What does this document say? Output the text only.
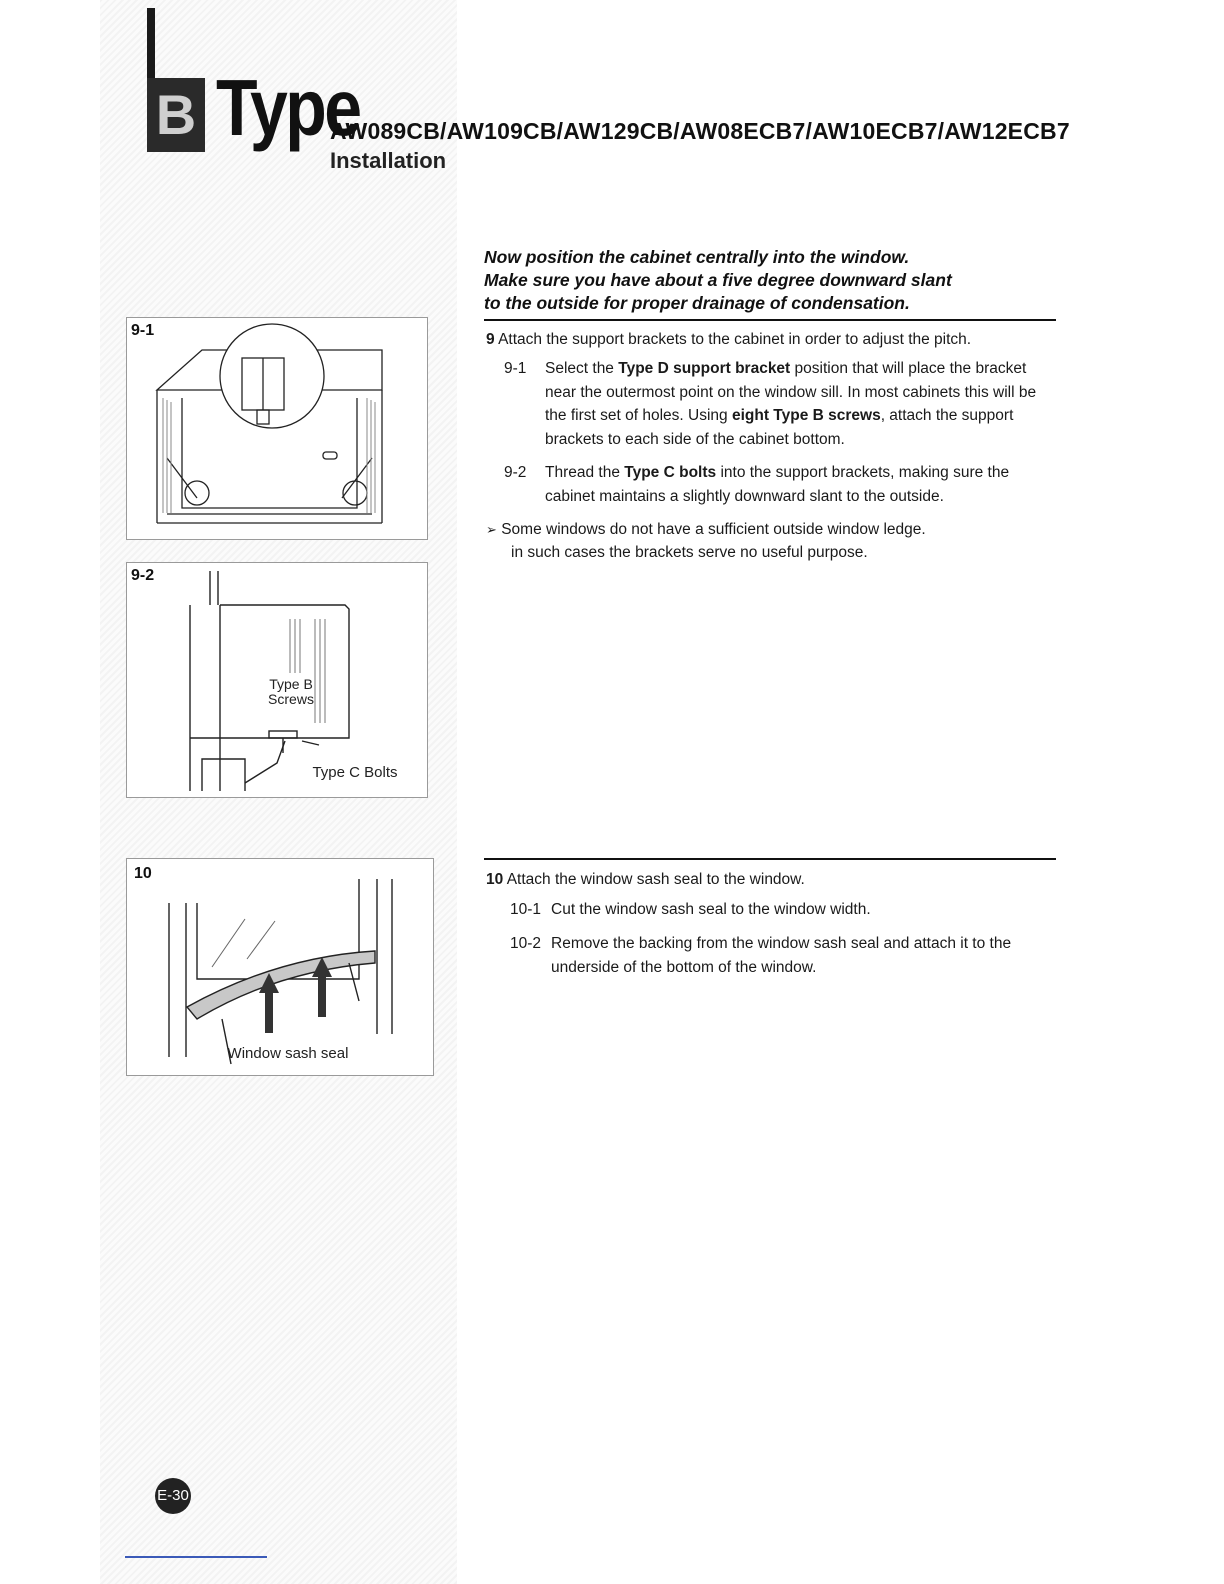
B Type
AW089CB/AW109CB/AW129CB/AW08ECB7/AW10ECB7/AW12ECB7
Installation
Now position the cabinet centrally into the window.
Make sure you have about a five degree downward slant
to the outside for proper drainage of condensation.
9 Attach the support brackets to the cabinet in order to adjust the pitch.
9-1 Select the Type D support bracket position that will place the bracket near the outermost point on the window sill. In most cabinets this will be the first set of holes. Using eight Type B screws, attach the support brackets to each side of the cabinet bottom.
9-2 Thread the Type C bolts into the support brackets, making sure the cabinet maintains a slightly downward slant to the outside.
➢ Some windows do not have a sufficient outside window ledge.
in such cases the brackets serve no useful purpose.
10 Attach the window sash seal to the window.
10-1 Cut the window sash seal to the window width.
10-2 Remove the backing from the window sash seal and attach it to the underside of the bottom of the window.
9-1
9-2
Type B Screws
Type C Bolts
10
Window sash seal
E-30
